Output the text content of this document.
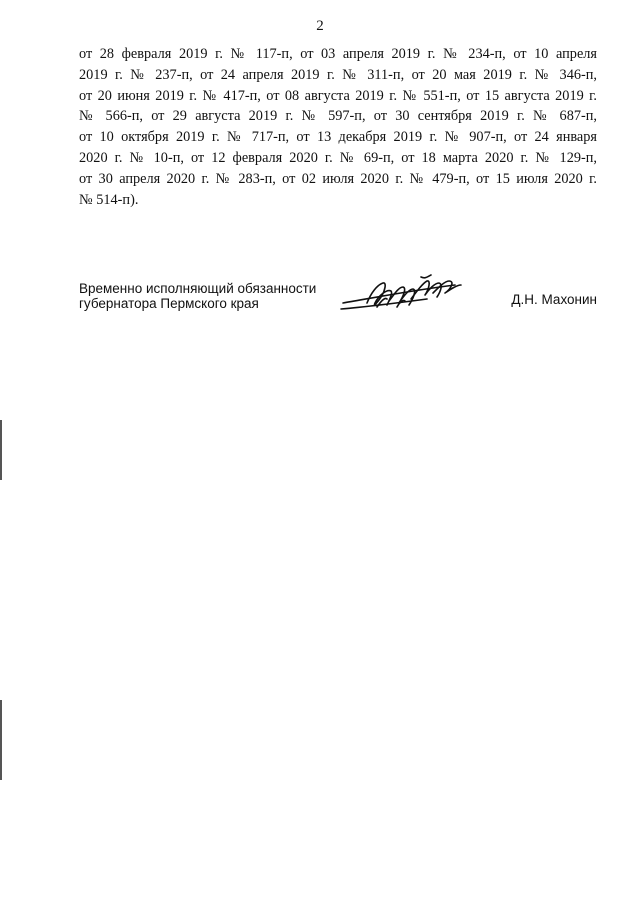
2
от 28 февраля 2019 г. № 117-п, от 03 апреля 2019 г. № 234-п, от 10 апреля
2019 г. № 237-п, от 24 апреля 2019 г. № 311-п, от 20 мая 2019 г. № 346-п,
от 20 июня 2019 г. № 417-п, от 08 августа 2019 г. № 551-п, от 15 августа 2019 г.
№ 566-п, от 29 августа 2019 г. № 597-п, от 30 сентября 2019 г. № 687-п,
от 10 октября 2019 г. № 717-п, от 13 декабря 2019 г. № 907-п, от 24 января
2020 г. № 10-п, от 12 февраля 2020 г. № 69-п, от 18 марта 2020 г. № 129-п,
от 30 апреля 2020 г. № 283-п, от 02 июля 2020 г. № 479-п, от 15 июля 2020 г.
№ 514-п).
Временно исполняющий обязанности
губернатора Пермского края	Д.Н. Махонин
